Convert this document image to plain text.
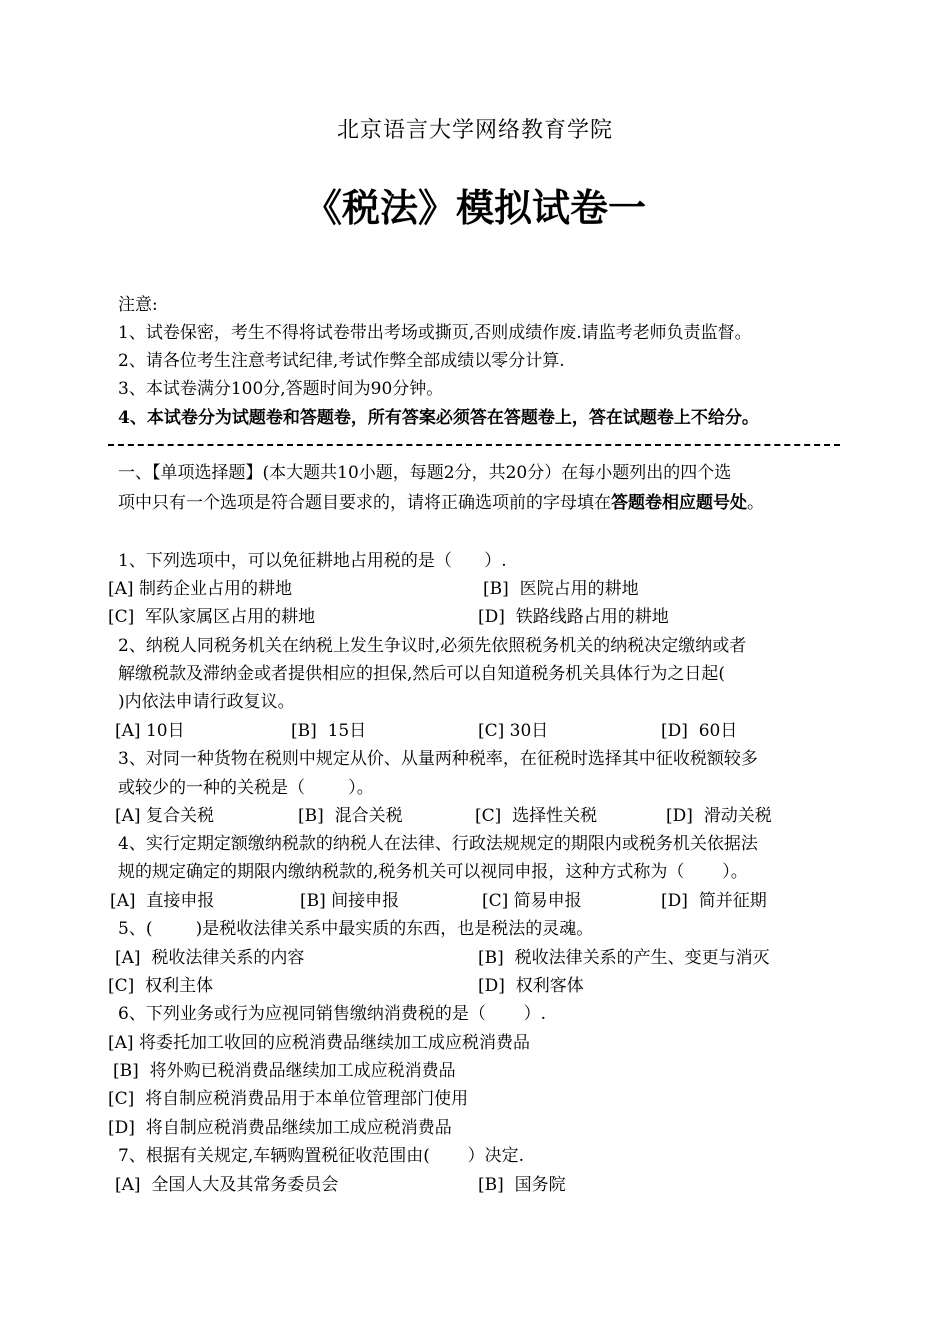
北京语言大学网络教育学院
《税法》模拟试卷一
注意:
1、试卷保密，考生不得将试卷带出考场或撕页,否则成绩作废.请监考老师负责监督。
2、请各位考生注意考试纪律,考试作弊全部成绩以零分计算.
3、本试卷满分100分,答题时间为90分钟。
4、本试卷分为试题卷和答题卷，所有答案必须答在答题卷上，答在试题卷上不给分。
一、【单项选择题】(本大题共10小题，每题2分，共20分）在每小题列出的四个选
项中只有一个选项是符合题目要求的，请将正确选项前的字母填在答题卷相应题号处。
1、下列选项中，可以免征耕地占用税的是（      ）.
[A] 制药企业占用的耕地	[B]  医院占用的耕地
[C]  军队家属区占用的耕地	[D]  铁路线路占用的耕地
2、纳税人同税务机关在纳税上发生争议时,必须先依照税务机关的纳税决定缴纳或者
解缴税款及滞纳金或者提供相应的担保,然后可以自知道税务机关具体行为之日起(
)内依法申请行政复议。
[A] 10日	[B]  15日	[C] 30日	[D]  60日
3、对同一种货物在税则中规定从价、从量两种税率，在征税时选择其中征收税额较多
或较少的一种的关税是（        ）。
[A] 复合关税	[B]  混合关税	[C]  选择性关税	[D]  滑动关税
4、实行定期定额缴纳税款的纳税人在法律、行政法规规定的期限内或税务机关依据法
规的规定确定的期限内缴纳税款的,税务机关可以视同申报，这种方式称为（       ）。
[A]  直接申报	[B] 间接申报	[C] 简易申报	[D]  简并征期
5、(        )是税收法律关系中最实质的东西，也是税法的灵魂。
[A]  税收法律关系的内容	[B]  税收法律关系的产生、变更与消灭
[C]  权利主体	[D]  权利客体
6、下列业务或行为应视同销售缴纳消费税的是（       ）.
[A] 将委托加工收回的应税消费品继续加工成应税消费品
[B]  将外购已税消费品继续加工成应税消费品
[C]  将自制应税消费品用于本单位管理部门使用
[D]  将自制应税消费品继续加工成应税消费品
7、根据有关规定,车辆购置税征收范围由(       ）决定.
[A]  全国人大及其常务委员会	[B]  国务院
